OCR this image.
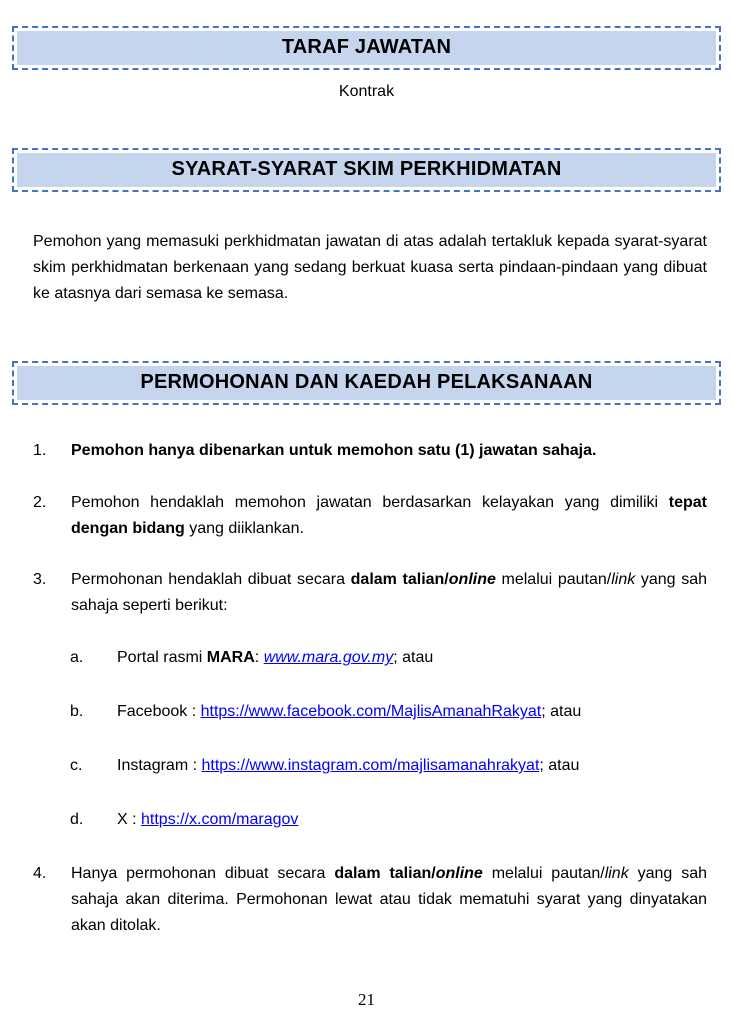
TARAF JAWATAN
Kontrak
SYARAT-SYARAT SKIM PERKHIDMATAN

Pemohon yang memasuki perkhidmatan jawatan di atas adalah tertakluk kepada syarat-syarat skim perkhidmatan berkenaan yang sedang berkuat kuasa serta pindaan-pindaan yang dibuat ke atasnya dari semasa ke semasa.

PERMOHONAN DAN KAEDAH PELAKSANAAN
1.	Pemohon hanya dibenarkan untuk memohon satu (1) jawatan sahaja.
2.	Pemohon hendaklah memohon jawatan berdasarkan kelayakan yang dimiliki tepat dengan bidang yang diiklankan.
3.	Permohonan hendaklah dibuat secara dalam talian/online melalui pautan/link yang sah sahaja seperti berikut:
a.	Portal rasmi MARA: www.mara.gov.my; atau
b.	Facebook : https://www.facebook.com/MajlisAmanahRakyat; atau
c.	Instagram : https://www.instagram.com/majlisamanahrakyat; atau
d.	X : https://x.com/maragov
4.	Hanya permohonan dibuat secara dalam talian/online melalui pautan/link yang sah sahaja akan diterima. Permohonan lewat atau tidak mematuhi syarat yang dinyatakan akan ditolak.
21
